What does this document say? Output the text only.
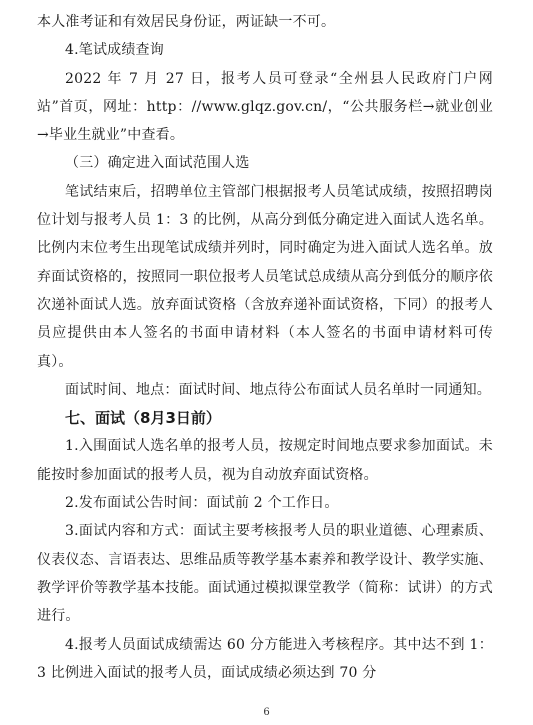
本人准考证和有效居民身份证，两证缺一不可。

4.笔试成绩查询

2022 年 7 月 27 日，报考人员可登录“全州县人民政府门户网站”首页，网址：http：//www.glqz.gov.cn/，“公共服务栏→就业创业→毕业生就业”中查看。

（三）确定进入面试范围人选

笔试结束后，招聘单位主管部门根据报考人员笔试成绩，按照招聘岗位计划与报考人员 1：3 的比例，从高分到低分确定进入面试人选名单。比例内末位考生出现笔试成绩并列时，同时确定为进入面试人选名单。放弃面试资格的，按照同一职位报考人员笔试总成绩从高分到低分的顺序依次递补面试人选。放弃面试资格（含放弃递补面试资格，下同）的报考人员应提供由本人签名的书面申请材料（本人签名的书面申请材料可传真）。

面试时间、地点：面试时间、地点待公布面试人员名单时一同通知。

七、面试（8月3日前）

1.入围面试人选名单的报考人员，按规定时间地点要求参加面试。未能按时参加面试的报考人员，视为自动放弃面试资格。

2.发布面试公告时间：面试前 2 个工作日。

3.面试内容和方式：面试主要考核报考人员的职业道德、心理素质、仪表仪态、言语表达、思维品质等教学基本素养和教学设计、教学实施、教学评价等教学基本技能。面试通过模拟课堂教学（简称：试讲）的方式进行。

4.报考人员面试成绩需达 60 分方能进入考核程序。其中达不到 1：3 比例进入面试的报考人员，面试成绩必须达到 70 分

6
